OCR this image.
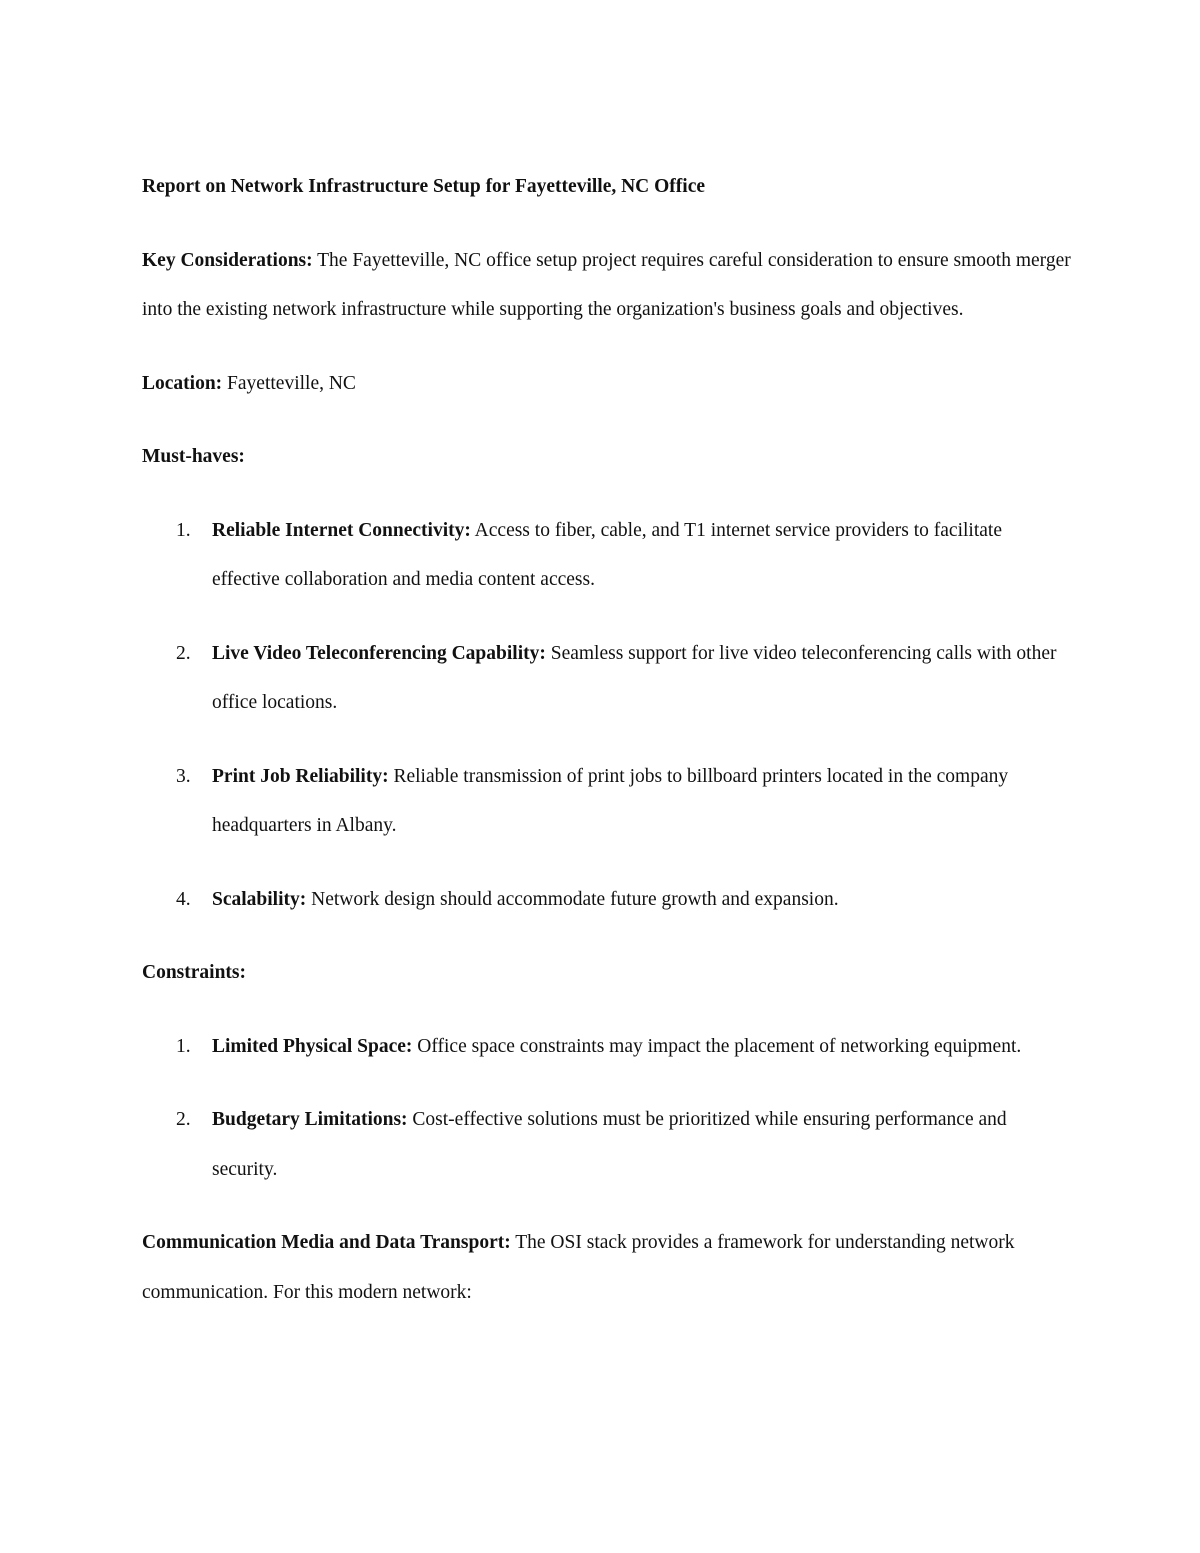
Report on Network Infrastructure Setup for Fayetteville, NC Office

Key Considerations: The Fayetteville, NC office setup project requires careful consideration to ensure smooth merger into the existing network infrastructure while supporting the organization's business goals and objectives.

Location: Fayetteville, NC

Must-haves:

1. Reliable Internet Connectivity: Access to fiber, cable, and T1 internet service providers to facilitate effective collaboration and media content access.
2. Live Video Teleconferencing Capability: Seamless support for live video teleconferencing calls with other office locations.
3. Print Job Reliability: Reliable transmission of print jobs to billboard printers located in the company headquarters in Albany.
4. Scalability: Network design should accommodate future growth and expansion.

Constraints:

1. Limited Physical Space: Office space constraints may impact the placement of networking equipment.
2. Budgetary Limitations: Cost-effective solutions must be prioritized while ensuring performance and security.

Communication Media and Data Transport: The OSI stack provides a framework for understanding network communication. For this modern network:
